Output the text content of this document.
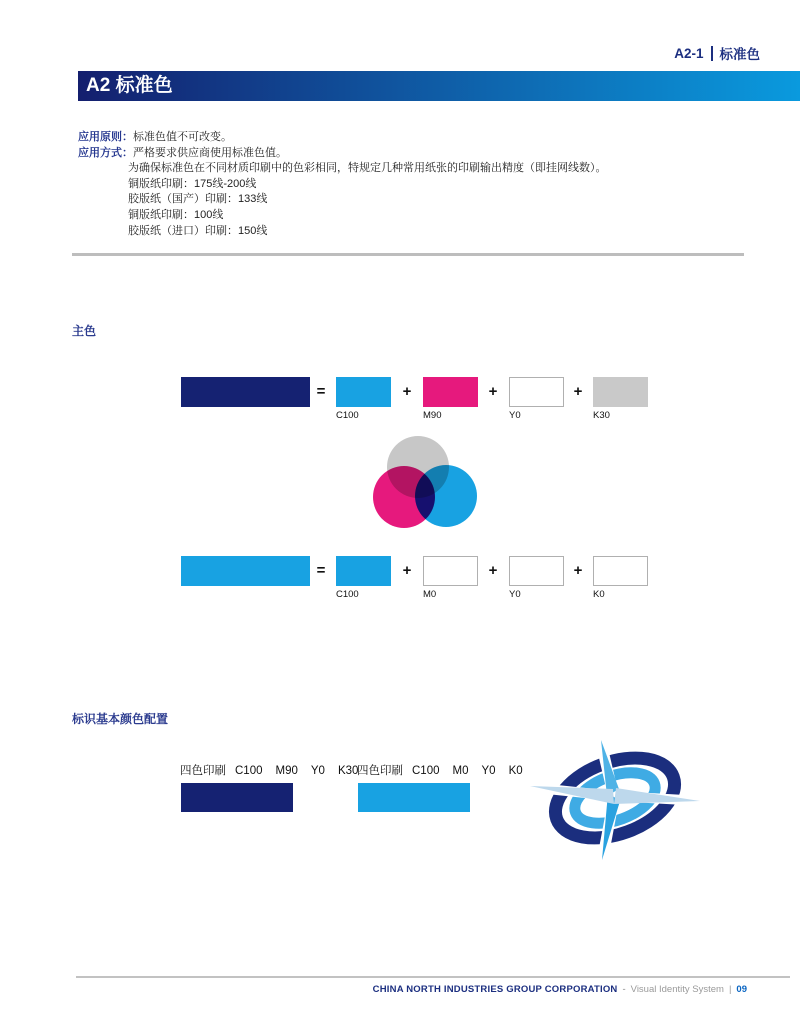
A2-1 标准色
A2 标准色
应用原则：标准色值不可改变。
应用方式：严格要求供应商使用标准色值。
为确保标准色在不同材质印刷中的色彩相同，特规定几种常用纸张的印刷输出精度（即挂网线数）。
铜版纸印刷：175线-200线
胶版纸（国产）印刷：133线
铜版纸印刷：100线
胶版纸（进口）印刷：150线
主色
=	+	+	+
C100	M90	Y0	K30
=	+	+	+
C100	M0	Y0	K0
标识基本颜色配置
四色印刷 C100 M90 Y0 K30
四色印刷 C100 M0 Y0 K0
CHINA NORTH INDUSTRIES GROUP CORPORATION - Visual Identity System | 09
